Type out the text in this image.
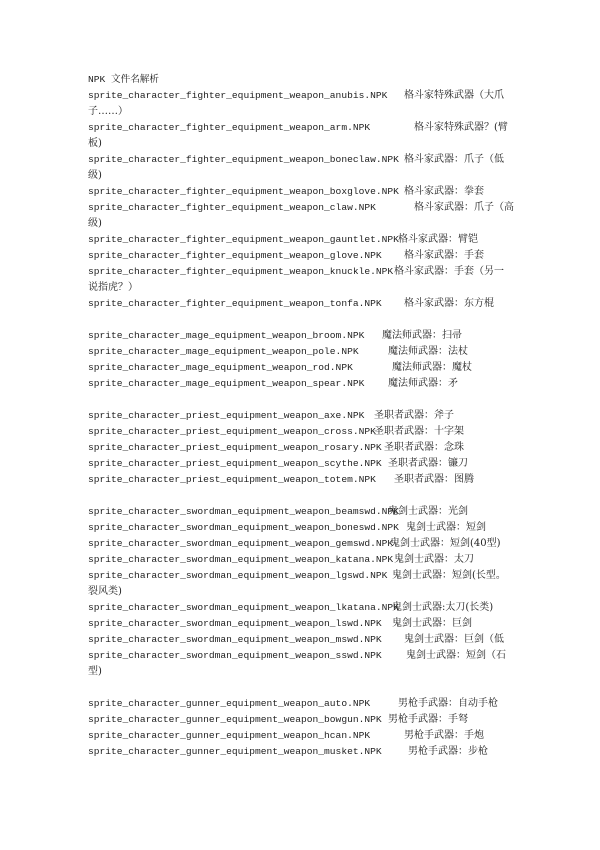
NPK 文件名解析
sprite_character_fighter_equipment_weapon_anubis.NPK 格斗家特殊武器（大爪
子……）
sprite_character_fighter_equipment_weapon_arm.NPK	格斗家特殊武器？(臂
板)
sprite_character_fighter_equipment_weapon_boneclaw.NPK 格斗家武器：爪子（低
级)
sprite_character_fighter_equipment_weapon_boxglove.NPK 格斗家武器：拳套
sprite_character_fighter_equipment_weapon_claw.NPK	格斗家武器：爪子（高
级)
sprite_character_fighter_equipment_weapon_gauntlet.NPK格斗家武器：臂铠
sprite_character_fighter_equipment_weapon_glove.NPK 格斗家武器：手套
sprite_character_fighter_equipment_weapon_knuckle.NPK格斗家武器：手套（另一
说指虎？）
sprite_character_fighter_equipment_weapon_tonfa.NPK 格斗家武器：东方棍
sprite_character_mage_equipment_weapon_broom.NPK 魔法师武器：扫帚
sprite_character_mage_equipment_weapon_pole.NPK	魔法师武器：法杖
sprite_character_mage_equipment_weapon_rod.NPK	魔法师武器：魔杖
sprite_character_mage_equipment_weapon_spear.NPK 魔法师武器：矛
sprite_character_priest_equipment_weapon_axe.NPK 圣职者武器：斧子
sprite_character_priest_equipment_weapon_cross.NPK圣职者武器：十字架
sprite_character_priest_equipment_weapon_rosary.NPK 圣职者武器：念珠
sprite_character_priest_equipment_weapon_scythe.NPK 圣职者武器：镰刀
sprite_character_priest_equipment_weapon_totem.NPK 圣职者武器：图腾
sprite_character_swordman_equipment_weapon_beamswd.NPK鬼剑士武器：光剑
sprite_character_swordman_equipment_weapon_boneswd.NPK 鬼剑士武器：短剑
sprite_character_swordman_equipment_weapon_gemswd.NPK鬼剑士武器：短剑(40型)
sprite_character_swordman_equipment_weapon_katana.NPK鬼剑士武器：太刀
sprite_character_swordman_equipment_weapon_lgswd.NPK 鬼剑士武器：短剑(长型。
裂风类)
sprite_character_swordman_equipment_weapon_lkatana.NPK鬼剑士武器:太刀(长类)
sprite_character_swordman_equipment_weapon_lswd.NPK 鬼剑士武器：巨剑
sprite_character_swordman_equipment_weapon_mswd.NPK 鬼剑士武器：巨剑（低
sprite_character_swordman_equipment_weapon_sswd.NPK 鬼剑士武器：短剑（石
型)
sprite_character_gunner_equipment_weapon_auto.NPK	男枪手武器：自动手枪
sprite_character_gunner_equipment_weapon_bowgun.NPK 男枪手武器：手弩
sprite_character_gunner_equipment_weapon_hcan.NPK	男枪手武器：手炮
sprite_character_gunner_equipment_weapon_musket.NPK	男枪手武器：步枪
